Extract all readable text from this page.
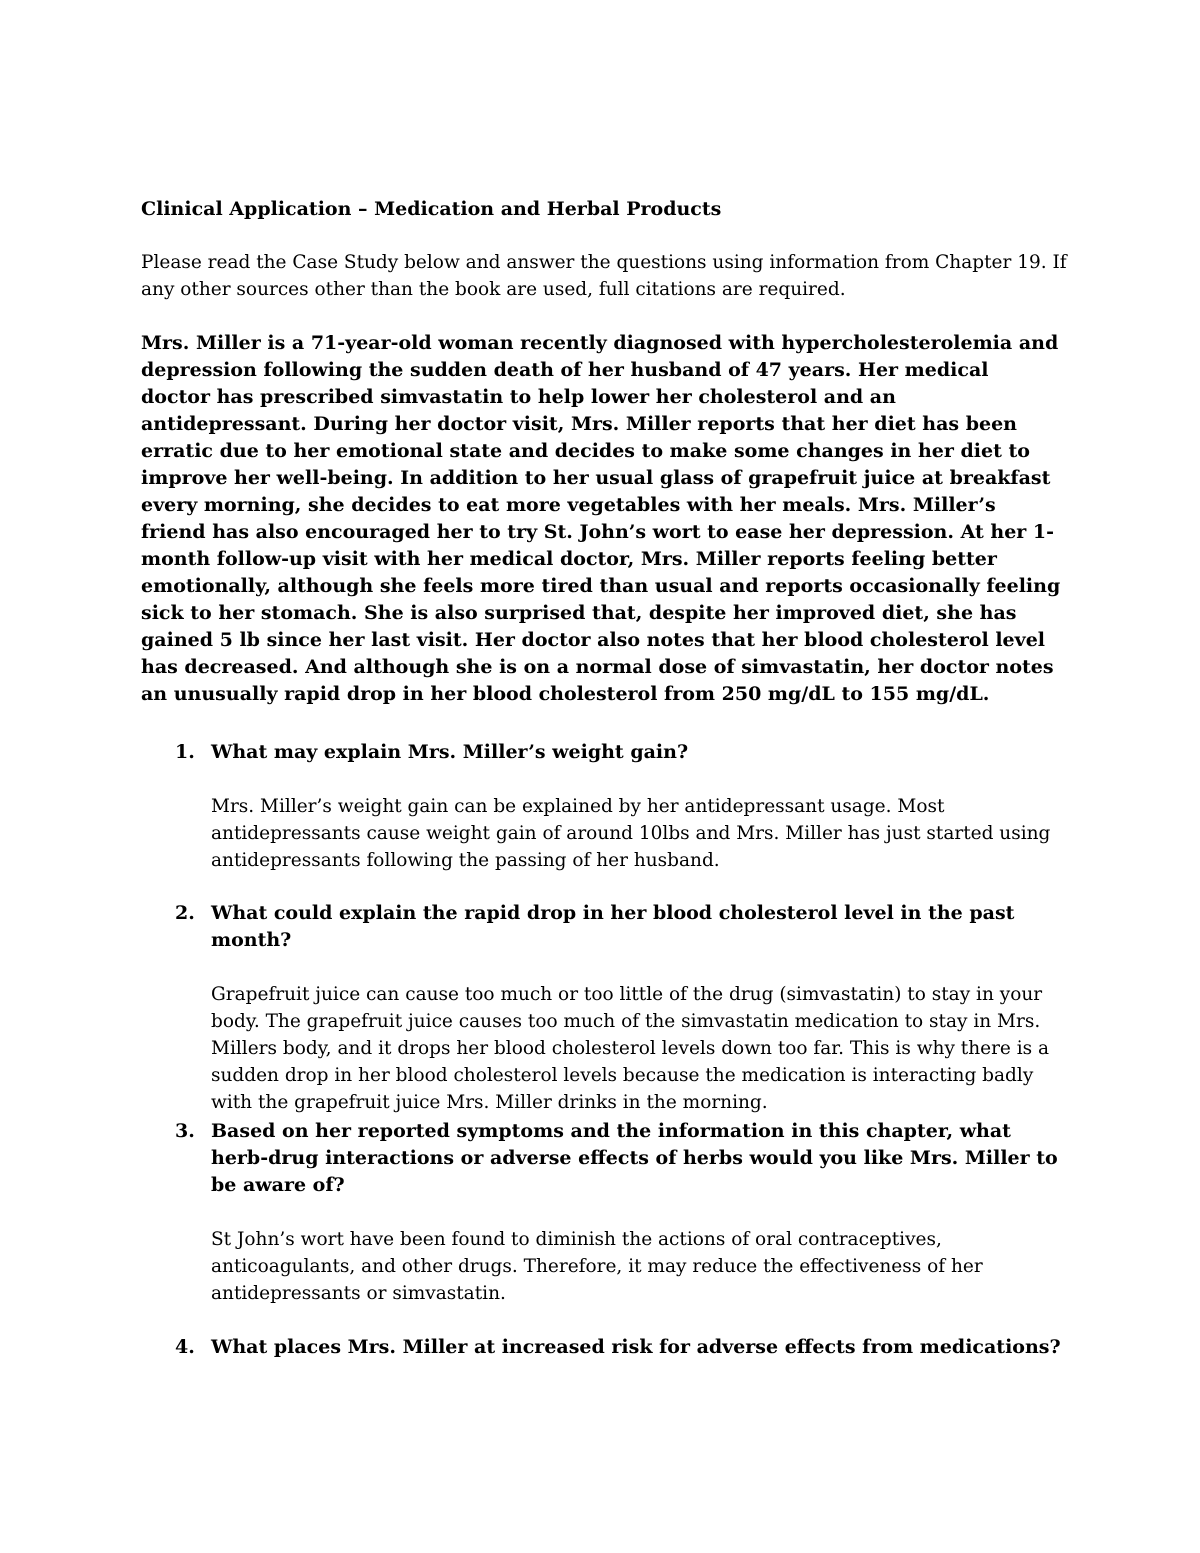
Clinical Application – Medication and Herbal Products

Please read the Case Study below and answer the questions using information from Chapter 19. If any other sources other than the book are used, full citations are required.

Mrs. Miller is a 71-year-old woman recently diagnosed with hypercholesterolemia and depression following the sudden death of her husband of 47 years. Her medical doctor has prescribed simvastatin to help lower her cholesterol and an antidepressant. During her doctor visit, Mrs. Miller reports that her diet has been erratic due to her emotional state and decides to make some changes in her diet to improve her well-being. In addition to her usual glass of grapefruit juice at breakfast every morning, she decides to eat more vegetables with her meals. Mrs. Miller’s friend has also encouraged her to try St. John’s wort to ease her depression. At her 1-month follow-up visit with her medical doctor, Mrs. Miller reports feeling better emotionally, although she feels more tired than usual and reports occasionally feeling sick to her stomach. She is also surprised that, despite her improved diet, she has gained 5 lb since her last visit. Her doctor also notes that her blood cholesterol level has decreased. And although she is on a normal dose of simvastatin, her doctor notes an unusually rapid drop in her blood cholesterol from 250 mg/dL to 155 mg/dL.

1. What may explain Mrs. Miller’s weight gain?

Mrs. Miller’s weight gain can be explained by her antidepressant usage. Most antidepressants cause weight gain of around 10lbs and Mrs. Miller has just started using antidepressants following the passing of her husband.

2. What could explain the rapid drop in her blood cholesterol level in the past month?

Grapefruit juice can cause too much or too little of the drug (simvastatin) to stay in your body. The grapefruit juice causes too much of the simvastatin medication to stay in Mrs. Millers body, and it drops her blood cholesterol levels down too far. This is why there is a sudden drop in her blood cholesterol levels because the medication is interacting badly with the grapefruit juice Mrs. Miller drinks in the morning.

3. Based on her reported symptoms and the information in this chapter, what herb-drug interactions or adverse effects of herbs would you like Mrs. Miller to be aware of?

St John’s wort have been found to diminish the actions of oral contraceptives, anticoagulants, and other drugs. Therefore, it may reduce the effectiveness of her antidepressants or simvastatin.

4. What places Mrs. Miller at increased risk for adverse effects from medications?
